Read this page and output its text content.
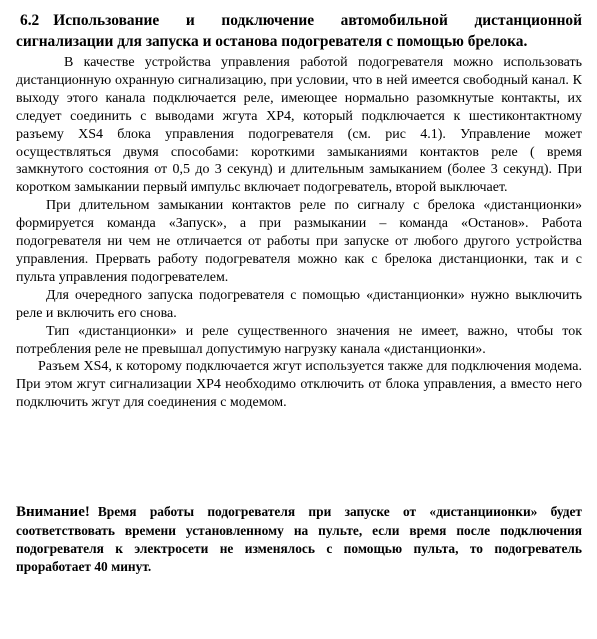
6.2 Использование и подключение автомобильной дистанционной сигнализации для запуска и останова подогревателя с помощью брелока.

В качестве устройства управления работой подогревателя можно использовать дистанционную охранную сигнализацию, при условии, что в ней имеется свободный канал. К выходу этого канала подключается реле, имеющее нормально разомкнутые контакты, их следует соединить с выводами жгута ХР4, который подключается к шестиконтактному разъему XS4 блока управления подогревателя (см. рис 4.1). Управление может осуществляться двумя способами: короткими замыканиями контактов реле ( время замкнутого состояния от 0,5 до 3 секунд) и длительным замыканием (более 3 секунд). При коротком замыкании первый импульс включает подогреватель, второй выключает.

При длительном замыкании контактов реле по сигналу с брелока «дистанционки» формируется команда «Запуск», а при размыкании – команда «Останов». Работа подогревателя ни чем не отличается от работы при запуске от любого другого устройства управления. Прервать работу подогревателя можно как с брелока дистанционки, так и с пульта управления подогревателем.

Для очередного запуска подогревателя с помощью «дистанционки» нужно выключить реле и включить его снова.

Тип «дистанционки» и реле существенного значения не имеет, важно, чтобы ток потребления реле не превышал допустимую нагрузку канала «дистанционки».

Разъем XS4, к которому подключается жгут используется также для подключения модема. При этом жгут сигнализации ХР4 необходимо отключить от блока управления, а вместо него подключить жгут для соединения с модемом.

Внимание! Время работы подогревателя при запуске от «дистанциионки» будет соответствовать времени установленному на пульте, если время после подключения подогревателя к электросети не изменялось с помощью пульта, то подогреватель проработает 40 минут.
